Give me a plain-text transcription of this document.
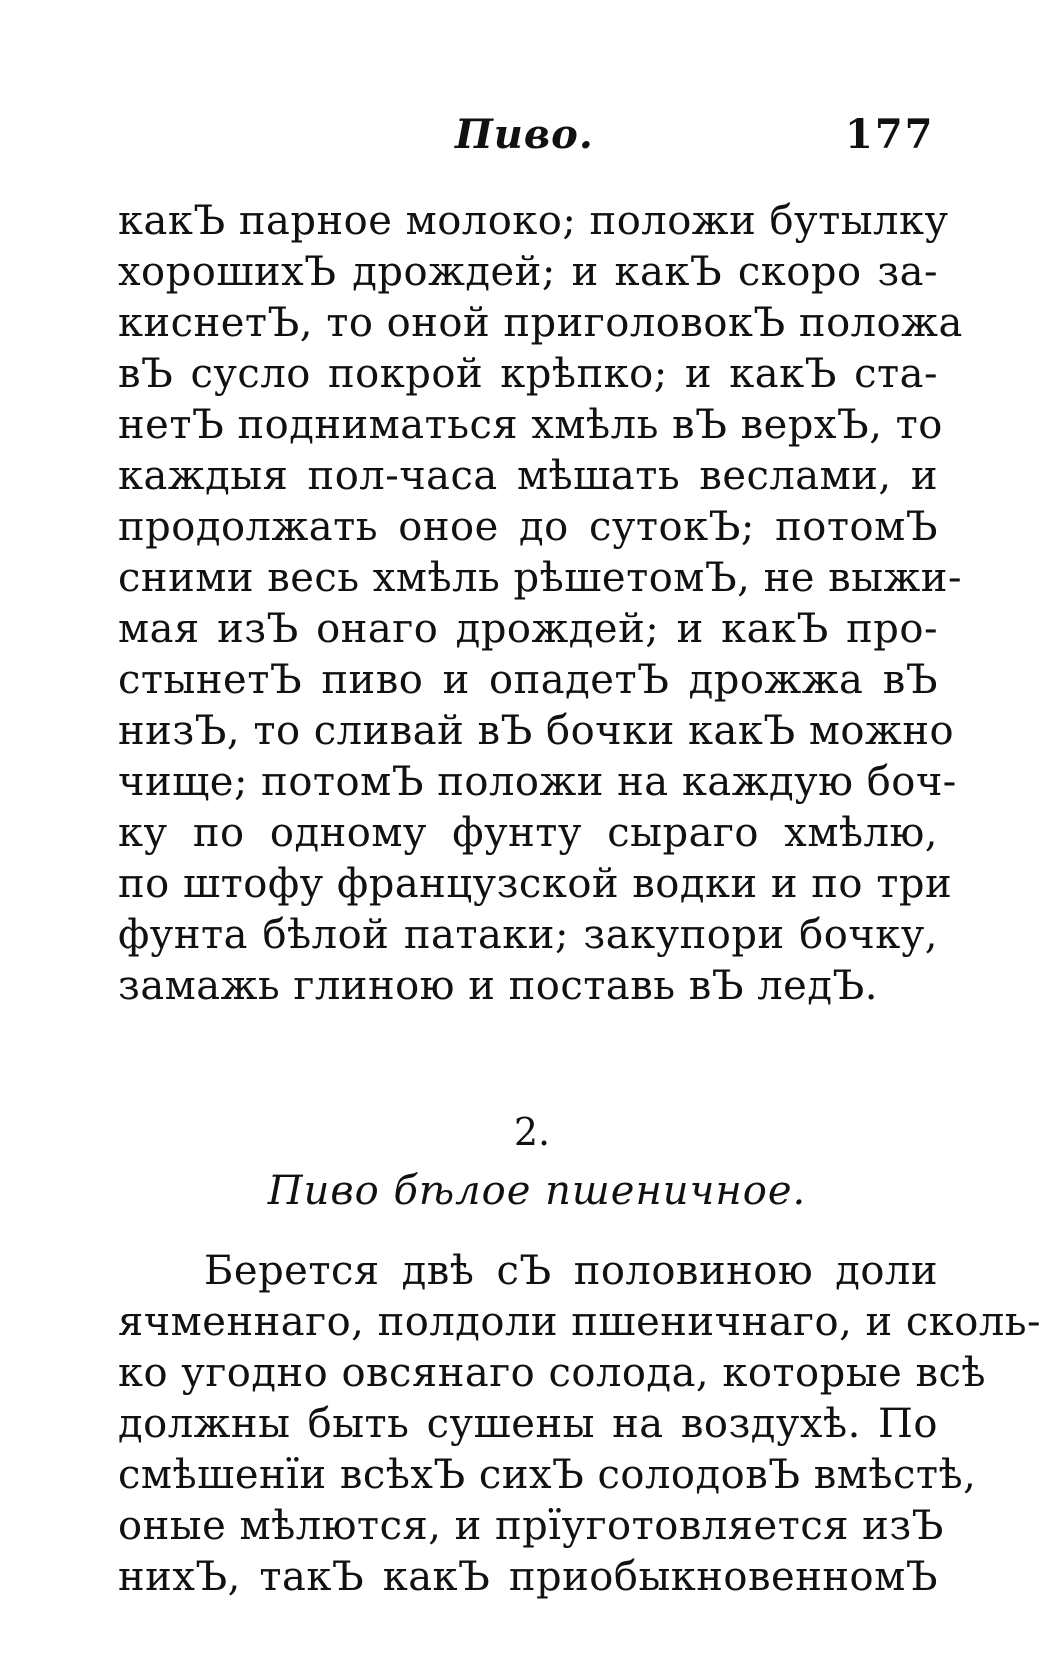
Пиво.	177
какЪ парное молоко; положи бутылку
хорошихЪ дрождей; и какЪ скоро за-
киснетЪ, то оной приголовокЪ положа
вЪ сусло покрой крѣпко; и какЪ ста-
нетЪ подниматься хмѣль вЪ верхЪ, то
каждыя пол-часа мѣшать веслами, и
продолжать оное до сутокЪ; потомЪ
сними весь хмѣль рѣшетомЪ, не выжи-
мая изЪ онаго дрождей; и какЪ про-
стынетЪ пиво и опадетЪ дрожжа вЪ
низЪ, то сливай вЪ бочки какЪ можно
чище; потомЪ положи на каждую боч-
ку по одному фунту сыраго хмѣлю,
по штофу французской водки и по три
фунта бѣлой патаки; закупори бочку,
замажь глиною и поставь вЪ ледЪ.
2.
Пиво бѣлое пшеничное.
Берется двѣ сЪ половиною доли
ячменнаго, полдоли пшеничнаго, и сколь-
ко угодно овсянаго солода, которые всѣ
должны быть сушены на воздухѣ. По
смѣшенїи всѣхЪ сихЪ солодовЪ вмѣстѣ,
оные мѣлются, и прїуготовляется изЪ
нихЪ, такЪ какЪ приобыкновенномЪ
